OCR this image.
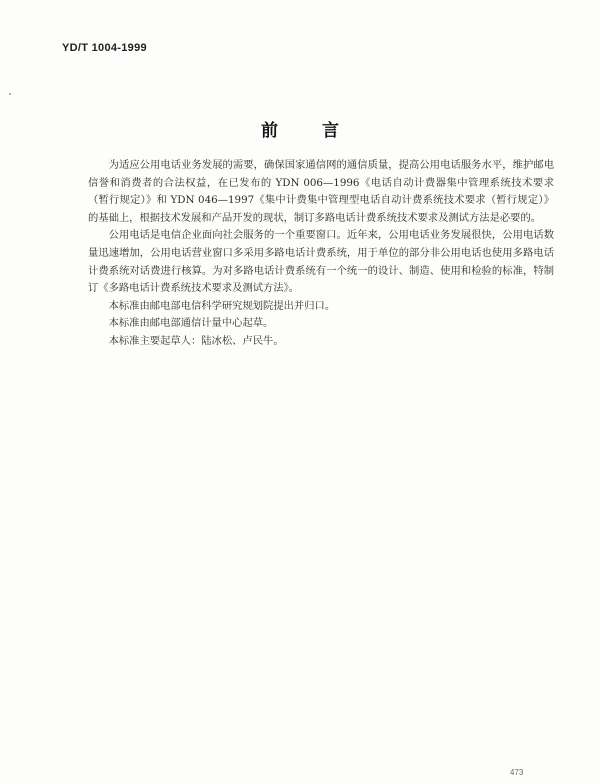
YD/T 1004-1999
前言

为适应公用电话业务发展的需要，确保国家通信网的通信质量，提高公用电话服务水平，维护邮电信誉和消费者的合法权益，在已发布的 YDN 006—1996《电话自动计费器集中管理系统技术要求（暂行规定）》和 YDN 046—1997《集中计费集中管理型电话自动计费系统技术要求（暂行规定）》的基础上，根据技术发展和产品开发的现状，制订多路电话计费系统技术要求及测试方法是必要的。

公用电话是电信企业面向社会服务的一个重要窗口。近年来，公用电话业务发展很快，公用电话数量迅速增加，公用电话营业窗口多采用多路电话计费系统，用于单位的部分非公用电话也使用多路电话计费系统对话费进行核算。为对多路电话计费系统有一个统一的设计、制造、使用和检验的标准，特制订《多路电话计费系统技术要求及测试方法》。

本标准由邮电部电信科学研究规划院提出并归口。

本标准由邮电部通信计量中心起草。

本标准主要起草人：陆冰松、卢民牛。

473
